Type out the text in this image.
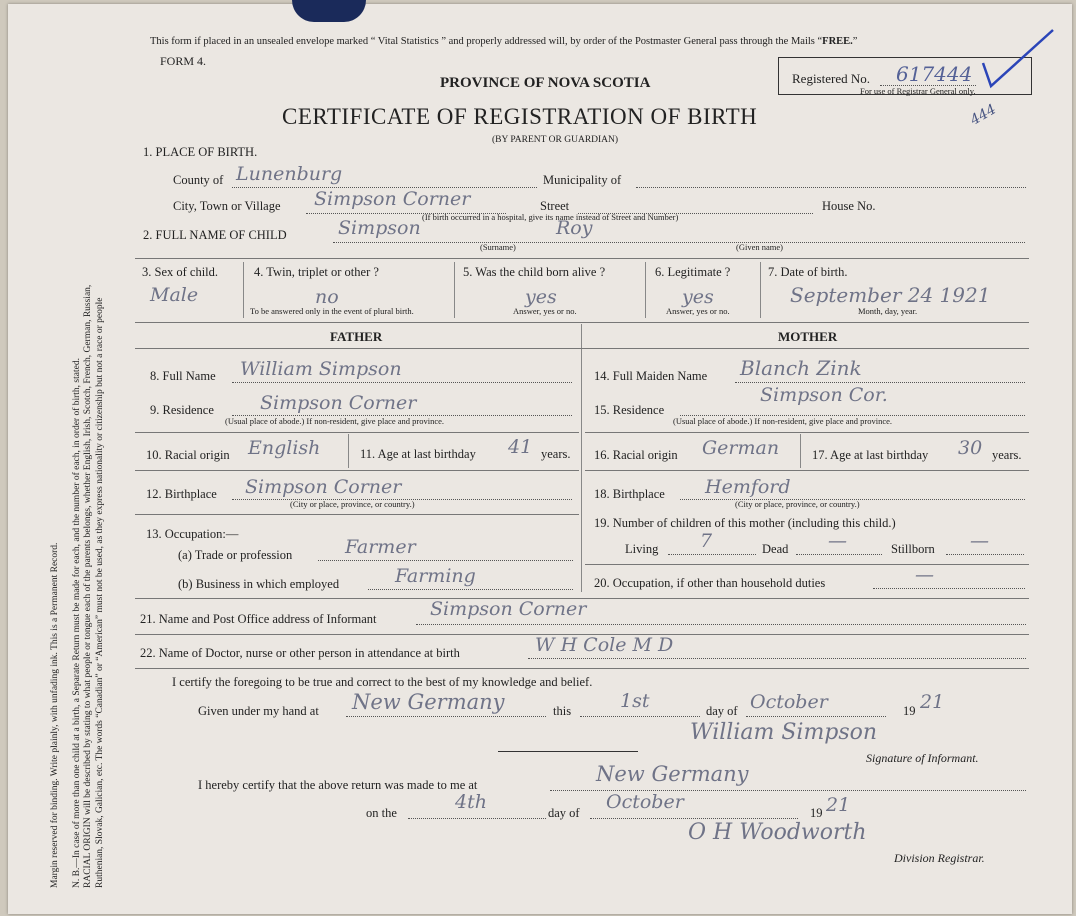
Margin reserved for binding. Write plainly, with unfading ink. This is a Permanent Record. N. B.—In case of more than one child at a birth, a Separate Return must be made for each, and the number of each, in order of birth, stated. RACIAL ORIGIN will be described by stating to what people or tongue each of the parents belongs, whether English, Irish, Scotch, French, German, Russian, Ruthenian, Slovak, Galician, etc. The words “Canadian” or “American” must not be used, as they express nationality or citizenship but not a race or people
This form if placed in an unsealed envelope marked “ Vital Statistics ” and properly addressed will, by order of the Postmaster General pass through the Mails “FREE.”
FORM 4.
PROVINCE OF NOVA SCOTIA
CERTIFICATE OF REGISTRATION OF BIRTH
(BY PARENT OR GUARDIAN)
Registered No. 617444
For use of Registrar General only.
444
1. PLACE OF BIRTH.
County of Lunenburg	Municipality of
City, Town or Village Simpson Corner	Street	House No.
(If birth occurred in a hospital, give its name instead of Street and Number)
2. FULL NAME OF CHILD	Simpson	Roy
(Surname)	(Given name)
3. Sex of child.
Male
4. Twin, triplet or other ?
no
To be answered only in the event of plural birth.
5. Was the child born alive ?
yes
Answer, yes or no.
6. Legitimate ?
yes
Answer, yes or no.
7. Date of birth.
September 24 1921
Month, day, year.
FATHER	MOTHER
8. Full Name William Simpson
9. Residence Simpson Corner
(Usual place of abode.) If non-resident, give place and province.
10. Racial origin English	11. Age at last birthday 41 years.
12. Birthplace Simpson Corner
(City or place, province, or country.)
13. Occupation:—
(a) Trade or profession	Farmer
(b) Business in which employed	Farming
14. Full Maiden Name Blanch Zink
15. Residence
Simpson Cor.
(Usual place of abode.) If non-resident, give place and province.
16. Racial origin German	17. Age at last birthday 30 years.
18. Birthplace Hemford
(City or place, province, or country.)
19. Number of children of this mother (including this child.)
Living 7	Dead —	Stillborn —
20. Occupation, if other than household duties	—
21. Name and Post Office address of Informant	Simpson Corner
22. Name of Doctor, nurse or other person in attendance at birth	W H Cole M D
I certify the foregoing to be true and correct to the best of my knowledge and belief.
Given under my hand at New Germany	this	1st	day of October	19 21
William Simpson
Signature of Informant.
I hereby certify that the above return was made to me at	New Germany
on the	4th	day of October	19 21
O H Woodworth
Division Registrar.
